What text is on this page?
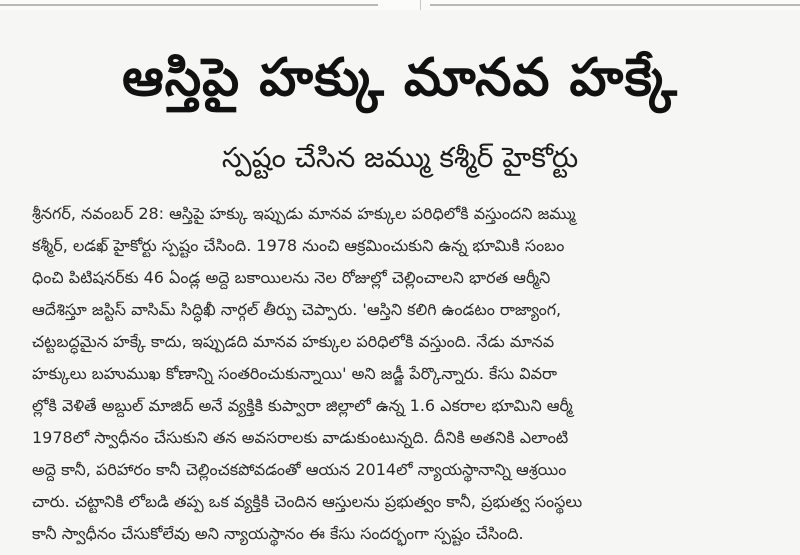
ఆస్తిపై హక్కు మానవ హక్కే
స్పష్టం చేసిన జమ్ము కశ్మీర్ హైకోర్టు
శ్రీనగర్, నవంబర్ 28: ఆస్తిపై హక్కు ఇప్పుడు మానవ హక్కుల పరిధిలోకి వస్తుందని జమ్ము
కశ్మీర్, లడఖ్ హైకోర్టు స్పష్టం చేసింది. 1978 నుంచి ఆక్రమించుకుని ఉన్న భూమికి సంబం
ధించి పిటిషనర్‌కు 46 ఏండ్ల అద్దె బకాయిలను నెల రోజుల్లో చెల్లించాలని భారత ఆర్మీని
ఆదేశిస్తూ జస్టిస్ వాసిమ్ సిద్ధిఖీ నార్గల్ తీర్పు చెప్పారు. 'ఆస్తిని కలిగి ఉండటం రాజ్యాంగ,
చట్టబద్ధమైన హక్కే కాదు, ఇప్పుడది మానవ హక్కుల పరిధిలోకి వస్తుంది. నేడు మానవ
హక్కులు బహుముఖ కోణాన్ని సంతరించుకున్నాయి' అని జడ్జీ పేర్కొన్నారు. కేసు వివరా
ల్లోకి వెళితే అబ్దుల్ మాజిద్ అనే వ్యక్తికి కుప్వారా జిల్లాలో ఉన్న 1.6 ఎకరాల భూమిని ఆర్మీ
1978లో స్వాధీనం చేసుకుని తన అవసరాలకు వాడుకుంటున్నది. దీనికి అతనికి ఎలాంటి
అద్దె కానీ, పరిహారం కానీ చెల్లించకపోవడంతో ఆయన 2014లో న్యాయస్థానాన్ని ఆశ్రయిం
చారు. చట్టానికి లోబడి తప్ప ఒక వ్యక్తికి చెందిన ఆస్తులను ప్రభుత్వం కానీ, ప్రభుత్వ సంస్థలు
కానీ స్వాధీనం చేసుకోలేవు అని న్యాయస్థానం ఈ కేసు సందర్భంగా స్పష్టం చేసింది.
